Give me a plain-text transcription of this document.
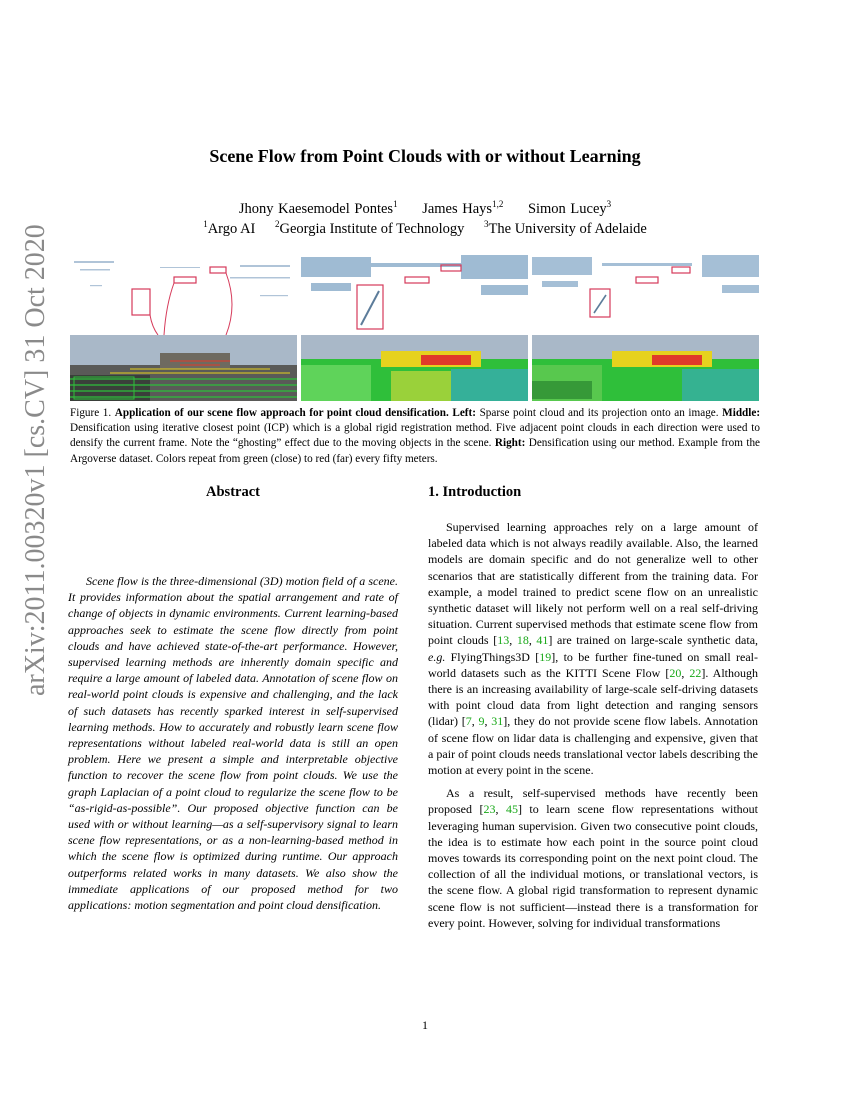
arXiv:2011.00320v1 [cs.CV] 31 Oct 2020
Scene Flow from Point Clouds with or without Learning
Jhony Kaesemodel Pontes$^1$ James Hays$^{1,2}$ Simon Lucey$^3$
$^1$Argo AI $^2$Georgia Institute of Technology $^3$The University of Adelaide
Figure 1. Application of our scene flow approach for point cloud densification. Left: Sparse point cloud and its projection onto an image. Middle: Densification using iterative closest point (ICP) which is a global rigid registration method. Five adjacent point clouds in each direction were used to densify the current frame. Note the “ghosting” effect due to the moving objects in the scene. Right: Densification using our method. Example from the Argoverse dataset. Colors repeat from green (close) to red (far) every fifty meters.
Abstract
Scene flow is the three-dimensional (3D) motion field of a scene. It provides information about the spatial arrangement and rate of change of objects in dynamic environments. Current learning-based approaches seek to estimate the scene flow directly from point clouds and have achieved state-of-the-art performance. However, supervised learning methods are inherently domain specific and require a large amount of labeled data. Annotation of scene flow on real-world point clouds is expensive and challenging, and the lack of such datasets has recently sparked interest in self-supervised learning methods. How to accurately and robustly learn scene flow representations without labeled real-world data is still an open problem. Here we present a simple and interpretable objective function to recover the scene flow from point clouds. We use the graph Laplacian of a point cloud to regularize the scene flow to be “as-rigid-as-possible”. Our proposed objective function can be used with or without learning—as a self-supervisory signal to learn scene flow representations, or as a non-learning-based method in which the scene flow is optimized during runtime. Our approach outperforms related works in many datasets. We also show the immediate applications of our proposed method for two applications: motion segmentation and point cloud densification.
1. Introduction

Supervised learning approaches rely on a large amount of labeled data which is not always readily available. Also, the learned models are domain specific and do not generalize well to other scenarios that are statistically different from the training data. For example, a model trained to predict scene flow on an unrealistic synthetic dataset will likely not perform well on a real self-driving situation. Current supervised methods that estimate scene flow from point clouds [13, 18, 41] are trained on large-scale synthetic data, e.g. FlyingThings3D [19], to be further fine-tuned on small real-world datasets such as the KITTI Scene Flow [20, 22]. Although there is an increasing availability of large-scale self-driving datasets with point cloud data from light detection and ranging sensors (lidar) [7, 9, 31], they do not provide scene flow labels. Annotation of scene flow on lidar data is challenging and expensive, given that a pair of point clouds needs translational vector labels describing the motion at every point in the scene.

As a result, self-supervised methods have recently been proposed [23, 45] to learn scene flow representations without leveraging human supervision. Given two consecutive point clouds, the idea is to estimate how each point in the source point cloud moves towards its corresponding point on the next point cloud. The collection of all the individual motions, or translational vectors, is the scene flow. A global rigid transformation to represent dynamic scene flow is not sufficient—instead there is a transformation for every point. However, solving for individual transformations

1
